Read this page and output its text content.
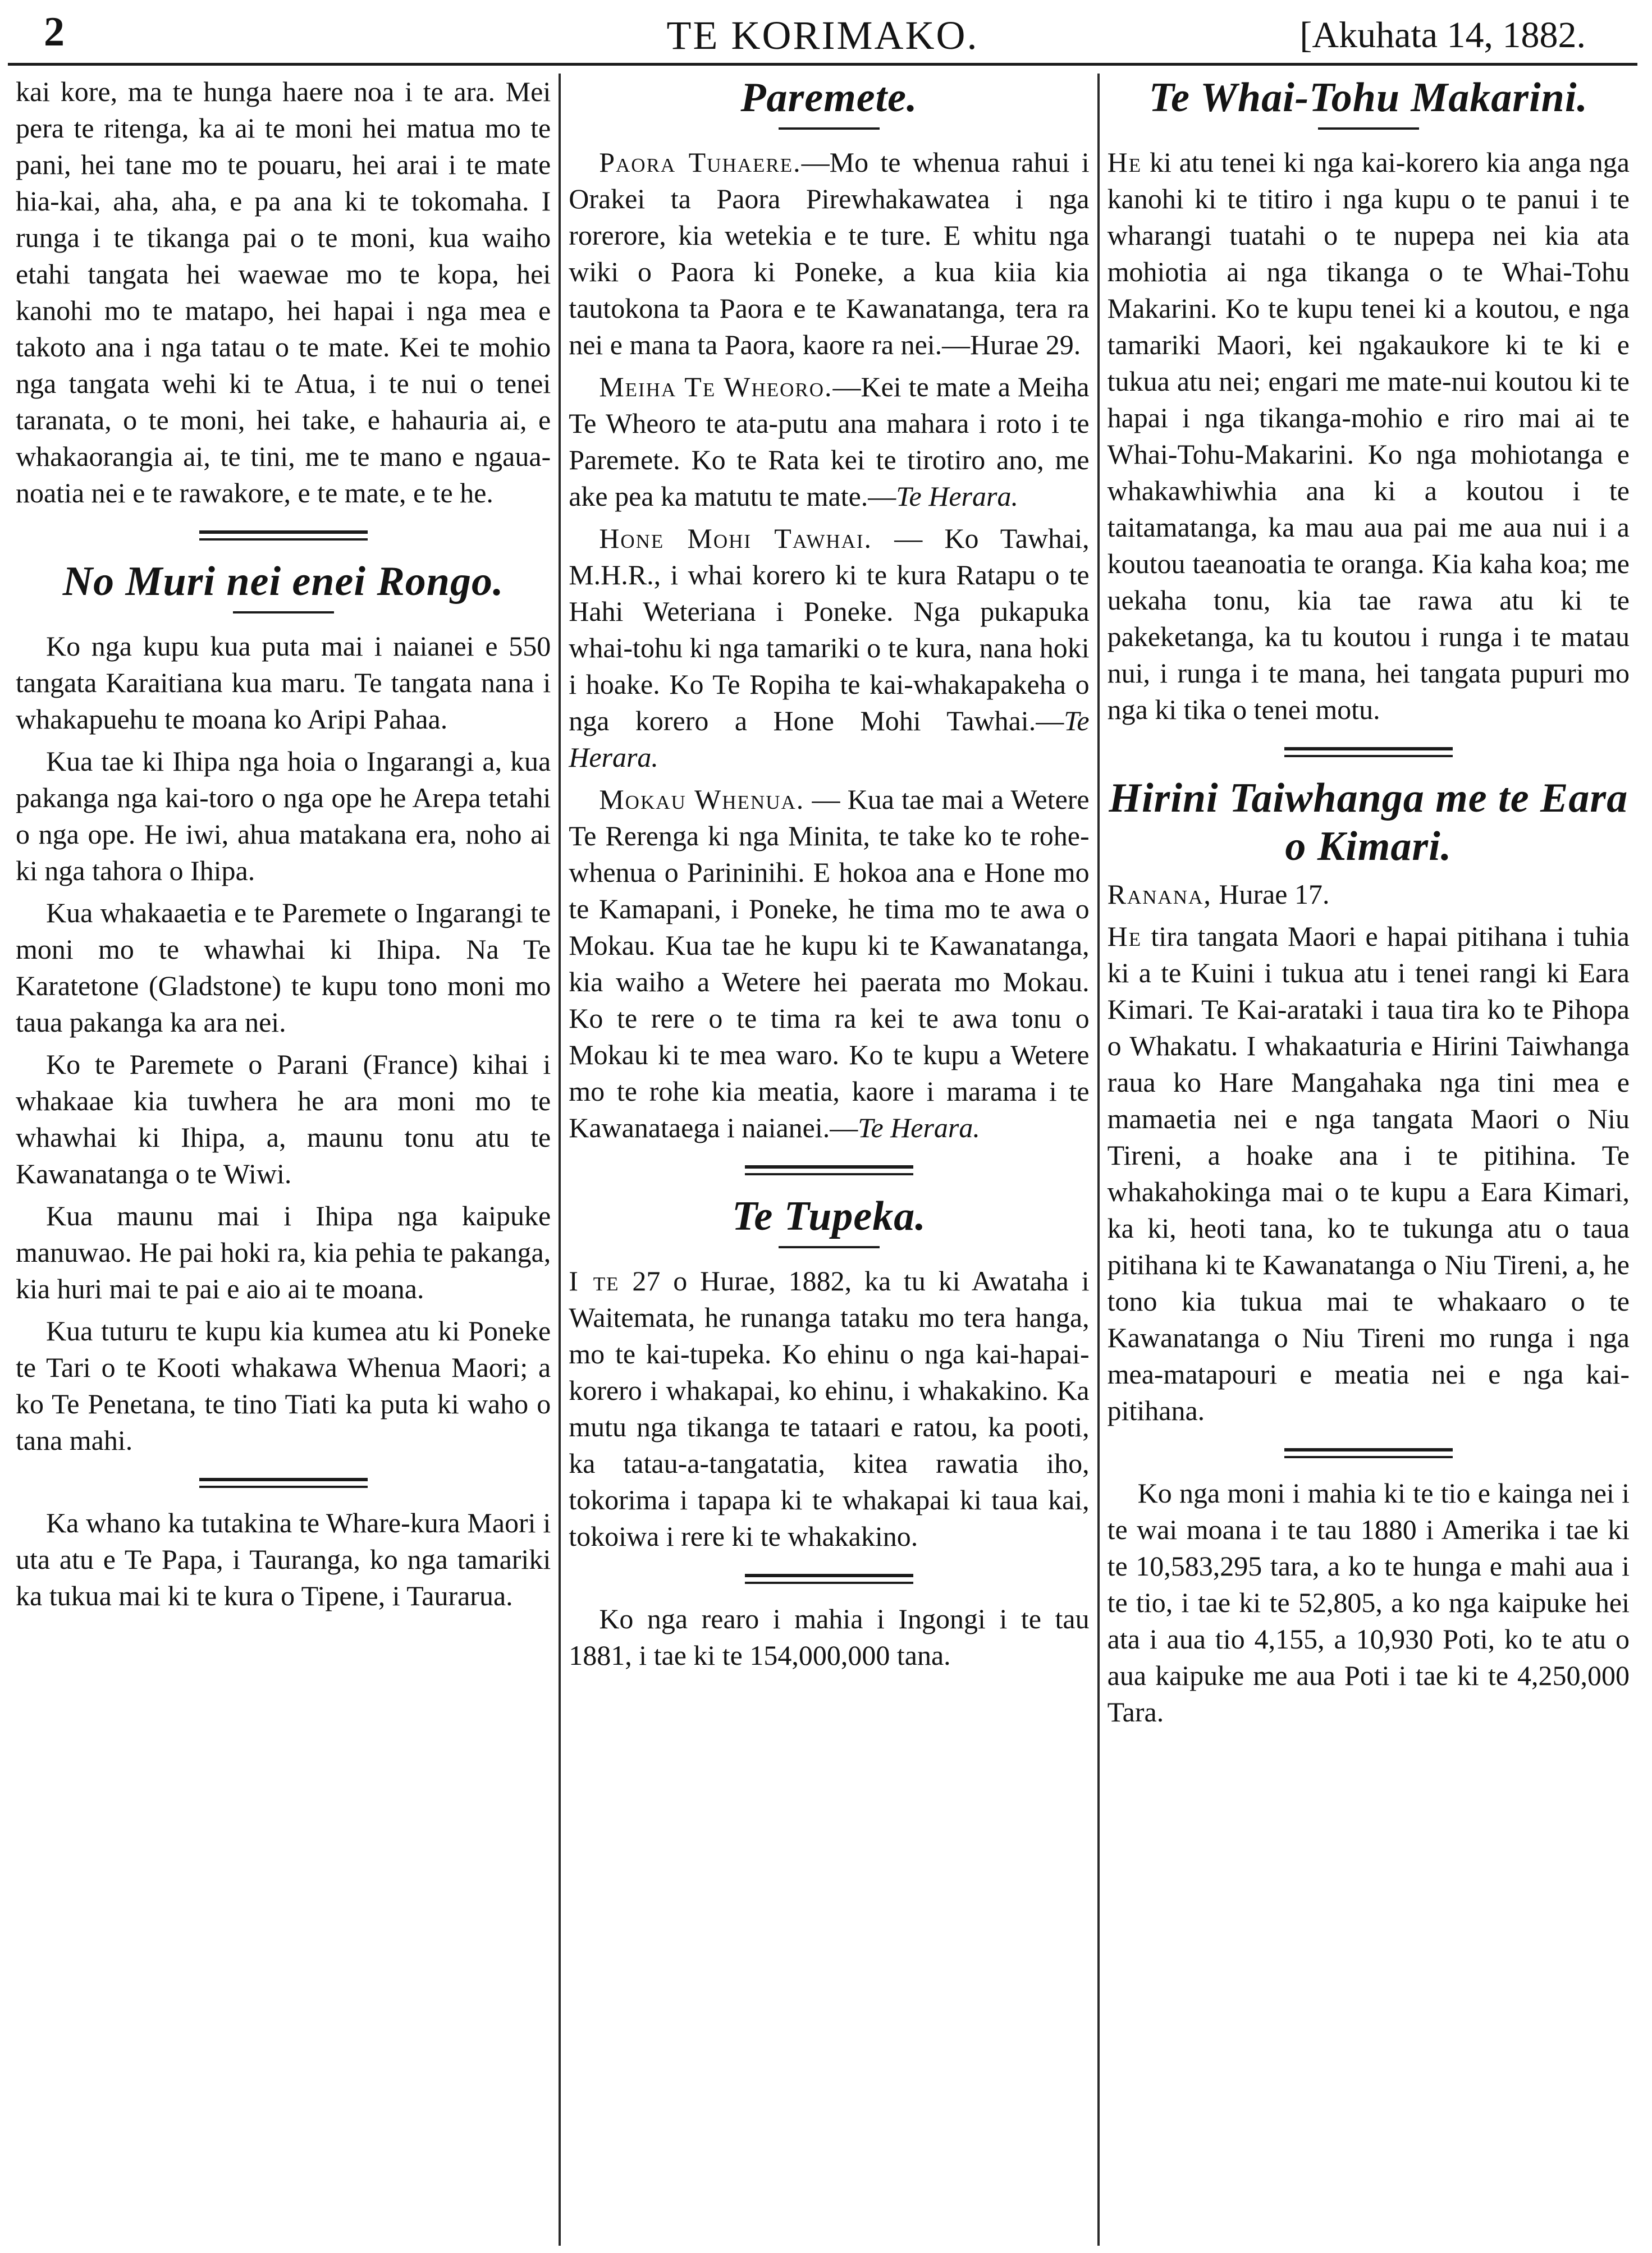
2	TE KORIMAKO.	[Akuhata 14, 1882.

kai kore, ma te hunga haere noa i te ara. Mei pera te ritenga, ka ai te moni hei matua mo te pani, hei tane mo te pouaru, hei arai i te mate hia-kai, aha, aha, e pa ana ki te tokomaha. I runga i te tikanga pai o te moni, kua waiho etahi tangata hei waewae mo te kopa, hei kanohi mo te matapo, hei hapai i nga mea e takoto ana i nga tatau o te mate. Kei te mohio nga tangata wehi ki te Atua, i te nui o tenei taranata, o te moni, hei take, e hahauria ai, e whakaorangia ai, te tini, me te mano e ngaua-noatia nei e te rawakore, e te mate, e te he.

No Muri nei enei Rongo.

Ko nga kupu kua puta mai i naianei e 550 tangata Karaitiana kua maru. Te tangata nana i whakapuehu te moana ko Aripi Pahaa.

Kua tae ki Ihipa nga hoia o Ingarangi a, kua pakanga nga kai-toro o nga ope he Arepa tetahi o nga ope. He iwi, ahua matakana era, noho ai ki nga tahora o Ihipa.

Kua whakaaetia e te Paremete o Ingarangi te moni mo te whawhai ki Ihipa. Na Te Karatetone (Gladstone) te kupu tono moni mo taua pakanga ka ara nei.

Ko te Paremete o Parani (France) kihai i whakaae kia tuwhera he ara moni mo te whawhai ki Ihipa, a, maunu tonu atu te Kawanatanga o te Wiwi.

Kua maunu mai i Ihipa nga kaipuke manuwao. He pai hoki ra, kia pehia te pakanga, kia huri mai te pai e aio ai te moana.

Kua tuturu te kupu kia kumea atu ki Poneke te Tari o te Kooti whakawa Whenua Maori; a ko Te Penetana, te tino Tiati ka puta ki waho o tana mahi.

Ka whano ka tutakina te Whare-kura Maori i uta atu e Te Papa, i Tauranga, ko nga tamariki ka tukua mai ki te kura o Tipene, i Taurarua.

Paremete.

Paora Tuhaere.—Mo te whenua rahui i Orakei ta Paora Pirewhakawatea i nga rorerore, kia wetekia e te ture. E whitu nga wiki o Paora ki Poneke, a kua kiia kia tautokona ta Paora e te Kawanatanga, tera ra nei e mana ta Paora, kaore ra nei.—Hurae 29.

Meiha Te Wheoro.—Kei te mate a Meiha Te Wheoro te ata-putu ana mahara i roto i te Paremete. Ko te Rata kei te tirotiro ano, me ake pea ka matutu te mate.—Te Herara.

Hone Mohi Tawhai. — Ko Tawhai, M.H.R., i whai korero ki te kura Ratapu o te Hahi Weteriana i Poneke. Nga pukapuka whai-tohu ki nga tamariki o te kura, nana hoki i hoake. Ko Te Ropiha te kai-whakapakeha o nga korero a Hone Mohi Tawhai.—Te Herara.

Mokau Whenua. — Kua tae mai a Wetere Te Rerenga ki nga Minita, te take ko te rohe-whenua o Parininihi. E hokoa ana e Hone mo te Kamapani, i Poneke, he tima mo te awa o Mokau. Kua tae he kupu ki te Kawanatanga, kia waiho a Wetere hei paerata mo Mokau. Ko te rere o te tima ra kei te awa tonu o Mokau ki te mea waro. Ko te kupu a Wetere mo te rohe kia meatia, kaore i marama i te Kawanataega i naianei.—Te Herara.

Te Tupeka.

I te 27 o Hurae, 1882, ka tu ki Awataha i Waitemata, he runanga tataku mo tera hanga, mo te kai-tupeka. Ko ehinu o nga kai-hapai-korero i whakapai, ko ehinu, i whakakino. Ka mutu nga tikanga te tataari e ratou, ka pooti, ka tatau-a-tangatatia, kitea rawatia iho, tokorima i tapapa ki te whakapai ki taua kai, tokoiwa i rere ki te whakakino.

Ko nga rearo i mahia i Ingongi i te tau 1881, i tae ki te 154,000,000 tana.

Te Whai-Tohu Makarini.

He ki atu tenei ki nga kai-korero kia anga nga kanohi ki te titiro i nga kupu o te panui i te wharangi tuatahi o te nupepa nei kia ata mohiotia ai nga tikanga o te Whai-Tohu Makarini. Ko te kupu tenei ki a koutou, e nga tamariki Maori, kei ngakaukore ki te ki e tukua atu nei; engari me mate-nui koutou ki te hapai i nga tikanga-mohio e riro mai ai te Whai-Tohu-Makarini. Ko nga mohiotanga e whakawhiwhia ana ki a koutou i te taitamatanga, ka mau aua pai me aua nui i a koutou taeanoatia te oranga. Kia kaha koa; me uekaha tonu, kia tae rawa atu ki te pakeketanga, ka tu koutou i runga i te matau nui, i runga i te mana, hei tangata pupuri mo nga ki tika o tenei motu.

Hirini Taiwhanga me te Eara o Kimari.

Ranana, Hurae 17.

He tira tangata Maori e hapai pitihana i tuhia ki a te Kuini i tukua atu i tenei rangi ki Eara Kimari. Te Kai-arataki i taua tira ko te Pihopa o Whakatu. I whakaaturia e Hirini Taiwhanga raua ko Hare Mangahaka nga tini mea e mamaetia nei e nga tangata Maori o Niu Tireni, a hoake ana i te pitihina. Te whakahokinga mai o te kupu a Eara Kimari, ka ki, heoti tana, ko te tukunga atu o taua pitihana ki te Kawanatanga o Niu Tireni, a, he tono kia tukua mai te whakaaro o te Kawanatanga o Niu Tireni mo runga i nga mea-matapouri e meatia nei e nga kai-pitihana.

Ko nga moni i mahia ki te tio e kainga nei i te wai moana i te tau 1880 i Amerika i tae ki te 10,583,295 tara, a ko te hunga e mahi aua i te tio, i tae ki te 52,805, a ko nga kaipuke hei ata i aua tio 4,155, a 10,930 Poti, ko te atu o aua kaipuke me aua Poti i tae ki te 4,250,000 Tara.
